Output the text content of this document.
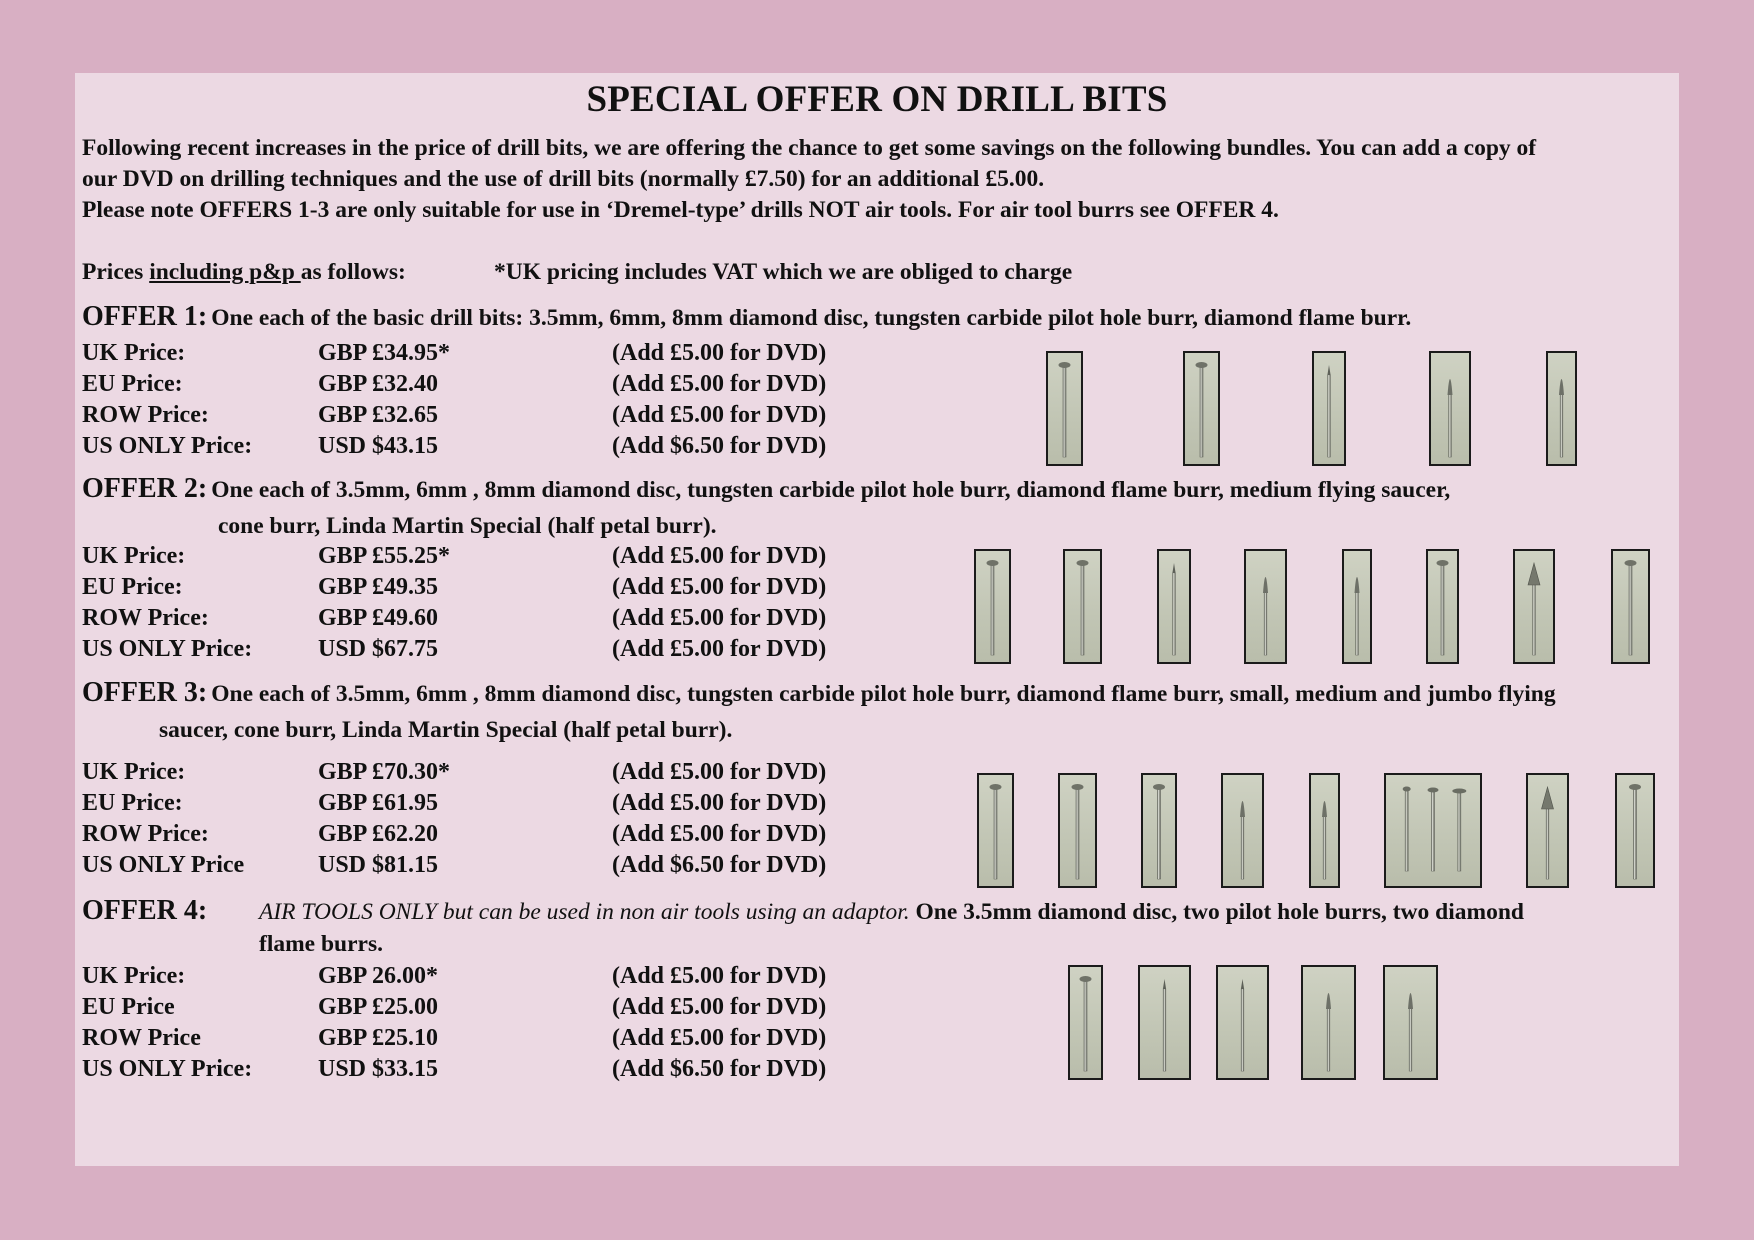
SPECIAL OFFER ON DRILL BITS
Following recent increases in the price of drill bits, we are offering the chance to get some savings on the following bundles. You can add a copy of
our DVD on drilling techniques and the use of drill bits (normally £7.50) for an additional £5.00.
Please note OFFERS 1-3 are only suitable for use in ‘Dremel-type’ drills NOT air tools. For air tool burrs see OFFER 4.
Prices including p&p as follows:	*UK pricing includes VAT which we are obliged to charge
OFFER 1: One each of the basic drill bits: 3.5mm, 6mm, 8mm diamond disc, tungsten carbide pilot hole burr, diamond flame burr.
UK Price:	GBP £34.95*	(Add £5.00 for DVD)
EU Price:	GBP £32.40	(Add £5.00 for DVD)
ROW Price:	GBP £32.65	(Add £5.00 for DVD)
US ONLY Price:	USD $43.15	(Add $6.50 for DVD)
OFFER 2: One each of 3.5mm, 6mm , 8mm diamond disc, tungsten carbide pilot hole burr, diamond flame burr, medium flying saucer,
cone burr, Linda Martin Special (half petal burr).
UK Price:	GBP £55.25*	(Add £5.00 for DVD)
EU Price:	GBP £49.35	(Add £5.00 for DVD)
ROW Price:	GBP £49.60	(Add £5.00 for DVD)
US ONLY Price:	USD $67.75	(Add £5.00 for DVD)
OFFER 3: One each of 3.5mm, 6mm , 8mm diamond disc, tungsten carbide pilot hole burr, diamond flame burr, small, medium and jumbo flying
saucer, cone burr, Linda Martin Special (half petal burr).
UK Price:	GBP £70.30*	(Add £5.00 for DVD)
EU Price:	GBP £61.95	(Add £5.00 for DVD)
ROW Price:	GBP £62.20	(Add £5.00 for DVD)
US ONLY Price	USD $81.15	(Add $6.50 for DVD)
OFFER 4: AIR TOOLS ONLY but can be used in non air tools using an adaptor. One 3.5mm diamond disc, two pilot hole burrs, two diamond
flame burrs.
UK Price:	GBP 26.00*	(Add £5.00 for DVD)
EU Price	GBP £25.00	(Add £5.00 for DVD)
ROW Price	GBP £25.10	(Add £5.00 for DVD)
US ONLY Price:	USD $33.15	(Add $6.50 for DVD)
